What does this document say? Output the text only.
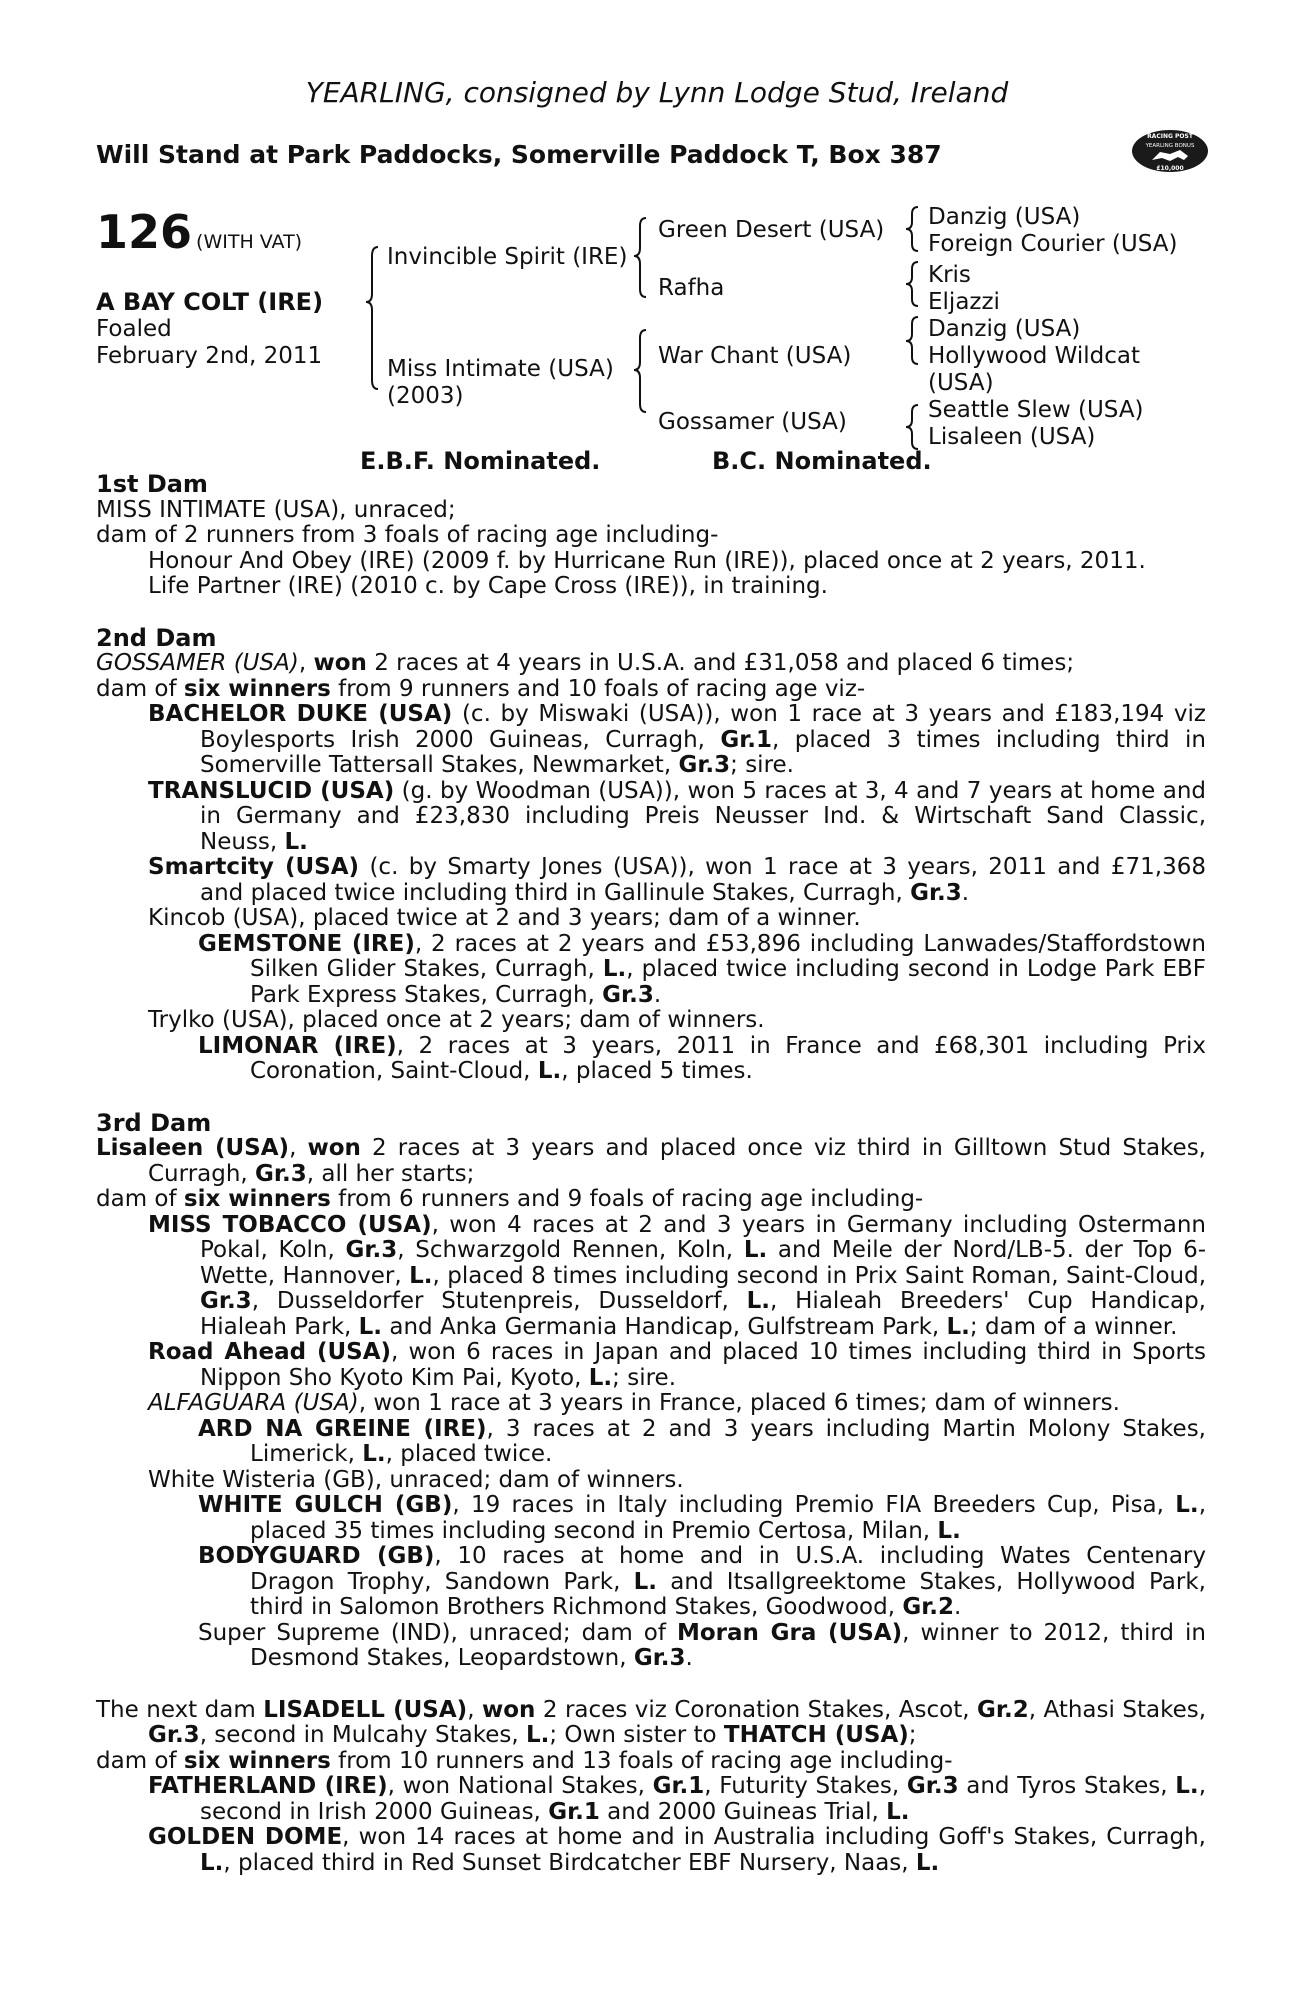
YEARLING, consigned by Lynn Lodge Stud, Ireland
Will Stand at Park Paddocks, Somerville Paddock T, Box 387
RACING POST
YEARLING BONUS
£10,000
126 (WITH VAT)
A BAY COLT (IRE)
Foaled
February 2nd, 2011
Invincible Spirit (IRE)
Miss Intimate (USA)
(2003)
Green Desert (USA)
Rafha
War Chant (USA)
Gossamer (USA)
Danzig (USA)
Foreign Courier (USA)
Kris
Eljazzi
Danzig (USA)
Hollywood Wildcat
(USA)
Seattle Slew (USA)
Lisaleen (USA)
E.B.F. Nominated.	B.C. Nominated.
1st Dam

MISS INTIMATE (USA), unraced;

dam of 2 runners from 3 foals of racing age including-

Honour And Obey (IRE) (2009 f. by Hurricane Run (IRE)), placed once at 2 years, 2011.

Life Partner (IRE) (2010 c. by Cape Cross (IRE)), in training.

2nd Dam

GOSSAMER (USA), won 2 races at 4 years in U.S.A. and £31,058 and placed 6 times;

dam of six winners from 9 runners and 10 foals of racing age viz-

BACHELOR DUKE (USA) (c. by Miswaki (USA)), won 1 race at 3 years and £183,194 viz Boylesports Irish 2000 Guineas, Curragh, Gr.1, placed 3 times including third in Somerville Tattersall Stakes, Newmarket, Gr.3; sire.

TRANSLUCID (USA) (g. by Woodman (USA)), won 5 races at 3, 4 and 7 years at home and in Germany and £23,830 including Preis Neusser Ind. & Wirtschaft Sand Classic, Neuss, L.

Smartcity (USA) (c. by Smarty Jones (USA)), won 1 race at 3 years, 2011 and £71,368 and placed twice including third in Gallinule Stakes, Curragh, Gr.3.

Kincob (USA), placed twice at 2 and 3 years; dam of a winner.

GEMSTONE (IRE), 2 races at 2 years and £53,896 including Lanwades/Staffordstown Silken Glider Stakes, Curragh, L., placed twice including second in Lodge Park EBF Park Express Stakes, Curragh, Gr.3.

Trylko (USA), placed once at 2 years; dam of winners.

LIMONAR (IRE), 2 races at 3 years, 2011 in France and £68,301 including Prix Coronation, Saint-Cloud, L., placed 5 times.

3rd Dam

Lisaleen (USA), won 2 races at 3 years and placed once viz third in Gilltown Stud Stakes, Curragh, Gr.3, all her starts;

dam of six winners from 6 runners and 9 foals of racing age including-

MISS TOBACCO (USA), won 4 races at 2 and 3 years in Germany including Ostermann Pokal, Koln, Gr.3, Schwarzgold Rennen, Koln, L. and Meile der Nord/LB-5. der Top 6-Wette, Hannover, L., placed 8 times including second in Prix Saint Roman, Saint-Cloud, Gr.3, Dusseldorfer Stutenpreis, Dusseldorf, L., Hialeah Breeders' Cup Handicap, Hialeah Park, L. and Anka Germania Handicap, Gulfstream Park, L.; dam of a winner.

Road Ahead (USA), won 6 races in Japan and placed 10 times including third in Sports Nippon Sho Kyoto Kim Pai, Kyoto, L.; sire.

ALFAGUARA (USA), won 1 race at 3 years in France, placed 6 times; dam of winners.

ARD NA GREINE (IRE), 3 races at 2 and 3 years including Martin Molony Stakes, Limerick, L., placed twice.

White Wisteria (GB), unraced; dam of winners.

WHITE GULCH (GB), 19 races in Italy including Premio FIA Breeders Cup, Pisa, L., placed 35 times including second in Premio Certosa, Milan, L.

BODYGUARD (GB), 10 races at home and in U.S.A. including Wates Centenary Dragon Trophy, Sandown Park, L. and Itsallgreektome Stakes, Hollywood Park, third in Salomon Brothers Richmond Stakes, Goodwood, Gr.2.

Super Supreme (IND), unraced; dam of Moran Gra (USA), winner to 2012, third in Desmond Stakes, Leopardstown, Gr.3.

The next dam LISADELL (USA), won 2 races viz Coronation Stakes, Ascot, Gr.2, Athasi Stakes, Gr.3, second in Mulcahy Stakes, L.; Own sister to THATCH (USA);

dam of six winners from 10 runners and 13 foals of racing age including-

FATHERLAND (IRE), won National Stakes, Gr.1, Futurity Stakes, Gr.3 and Tyros Stakes, L., second in Irish 2000 Guineas, Gr.1 and 2000 Guineas Trial, L.

GOLDEN DOME, won 14 races at home and in Australia including Goff's Stakes, Curragh, L., placed third in Red Sunset Birdcatcher EBF Nursery, Naas, L.
